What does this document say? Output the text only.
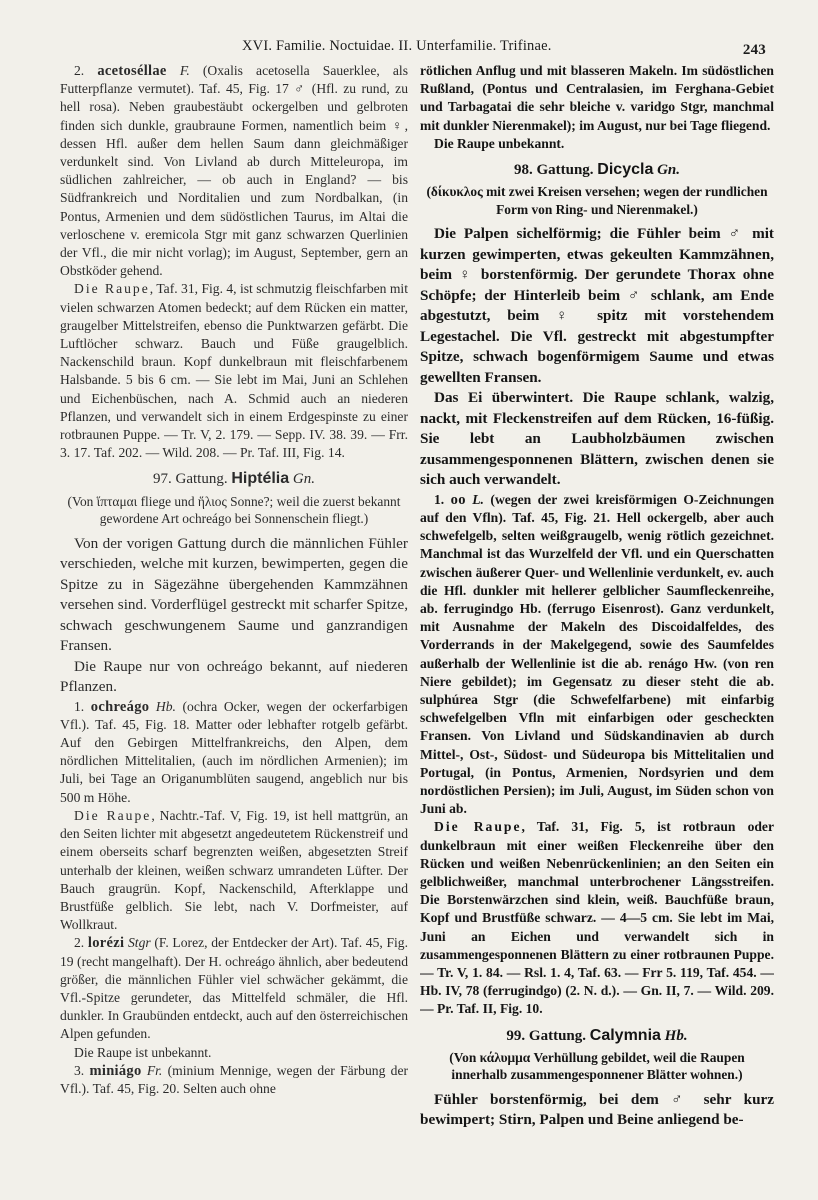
XVI. Familie. Noctuidae. II. Unterfamilie. Trifinae.	243

2. acetoséllae F. (Oxalis acetosella Sauerklee, als Futterpflanze vermutet). Taf. 45, Fig. 17 ♂ (Hfl. zu rund, zu hell rosa). Neben graubestäubt ockergelben und gelbroten finden sich dunkle, graubraune Formen, namentlich beim ♀, dessen Hfl. außer dem hellen Saum dann gleichmäßiger verdunkelt sind. Von Livland ab durch Mitteleuropa, im südlichen zahlreicher, — ob auch in England? — bis Südfrankreich und Norditalien und zum Nordbalkan, (in Pontus, Armenien und dem südöstlichen Taurus, im Altai die verloschene v. eremicola Stgr mit ganz schwarzen Querlinien der Vfl., die mir nicht vorlag); im August, September, gern an Obstköder gehend.

Die Raupe, Taf. 31, Fig. 4, ist schmutzig fleischfarben mit vielen schwarzen Atomen bedeckt; auf dem Rücken ein matter, graugelber Mittelstreifen, ebenso die Punktwarzen gefärbt. Die Luftlöcher schwarz. Bauch und Füße graugelblich. Nackenschild braun. Kopf dunkelbraun mit fleischfarbenem Halsbande. 5 bis 6 cm. — Sie lebt im Mai, Juni an Schlehen und Eichenbüschen, nach A. Schmid auch an niederen Pflanzen, und verwandelt sich in einem Erdgespinste zu einer rotbraunen Puppe. — Tr. V, 2. 179. — Sepp. IV. 38. 39. — Frr. 3. 17. Taf. 202. — Wild. 208. — Pr. Taf. III, Fig. 14.

97. Gattung. Hiptélia Gn.

(Von ἵπταμαι fliege und ἥλιος Sonne?; weil die zuerst bekannt gewordene Art ochreágo bei Sonnenschein fliegt.)

Von der vorigen Gattung durch die männlichen Fühler verschieden, welche mit kurzen, bewimperten, gegen die Spitze zu in Sägezähne übergehenden Kammzähnen versehen sind. Vorderflügel gestreckt mit scharfer Spitze, schwach geschwungenem Saume und ganzrandigen Fransen.

Die Raupe nur von ochreágo bekannt, auf niederen Pflanzen.

1. ochreágo Hb. (ochra Ocker, wegen der ockerfarbigen Vfl.). Taf. 45, Fig. 18. Matter oder lebhafter rotgelb gefärbt. Auf den Gebirgen Mittelfrankreichs, den Alpen, dem nördlichen Mittelitalien, (auch im nördlichen Armenien); im Juli, bei Tage an Origanumblüten saugend, angeblich nur bis 500 m Höhe.

Die Raupe, Nachtr.-Taf. V, Fig. 19, ist hell mattgrün, an den Seiten lichter mit abgesetzt angedeutetem Rückenstreif und einem oberseits scharf begrenzten weißen, abgesetzten Streif unterhalb der kleinen, weißen schwarz umrandeten Lüfter. Der Bauch graugrün. Kopf, Nackenschild, Afterklappe und Brustfüße gelblich. Sie lebt, nach V. Dorfmeister, auf Wollkraut.

2. lorézi Stgr (F. Lorez, der Entdecker der Art). Taf. 45, Fig. 19 (recht mangelhaft). Der H. ochreágo ähnlich, aber bedeutend größer, die männlichen Fühler viel schwächer gekämmt, die Vfl.-Spitze gerundeter, das Mittelfeld schmäler, die Hfl. dunkler. In Graubünden entdeckt, auch auf den österreichischen Alpen gefunden.

Die Raupe ist unbekannt.

3. miniágo Fr. (minium Mennige, wegen der Färbung der Vfl.). Taf. 45, Fig. 20. Selten auch ohne

rötlichen Anflug und mit blasseren Makeln. Im südöstlichen Rußland, (Pontus und Centralasien, im Ferghana-Gebiet und Tarbagatai die sehr bleiche v. varidgo Stgr, manchmal mit dunkler Nierenmakel); im August, nur bei Tage fliegend.

Die Raupe unbekannt.

98. Gattung. Dicycla Gn.

(δίκυκλος mit zwei Kreisen versehen; wegen der rundlichen Form von Ring- und Nierenmakel.)

Die Palpen sichelförmig; die Fühler beim ♂ mit kurzen gewimperten, etwas gekeulten Kammzähnen, beim ♀ borstenförmig. Der gerundete Thorax ohne Schöpfe; der Hinterleib beim ♂ schlank, am Ende abgestutzt, beim ♀ spitz mit vorstehendem Legestachel. Die Vfl. gestreckt mit abgestumpfter Spitze, schwach bogenförmigem Saume und etwas gewellten Fransen.

Das Ei überwintert. Die Raupe schlank, walzig, nackt, mit Fleckenstreifen auf dem Rücken, 16-füßig. Sie lebt an Laubholzbäumen zwischen zusammengesponnenen Blättern, zwischen denen sie sich auch verwandelt.

1. oo L. (wegen der zwei kreisförmigen O-Zeichnungen auf den Vfln). Taf. 45, Fig. 21. Hell ockergelb, aber auch schwefelgelb, selten weißgraugelb, wenig rötlich gezeichnet. Manchmal ist das Wurzelfeld der Vfl. und ein Querschatten zwischen äußerer Quer- und Wellenlinie verdunkelt, ev. auch die Hfl. dunkler mit hellerer gelblicher Saumfleckenreihe, ab. ferrugindgo Hb. (ferrugo Eisenrost). Ganz verdunkelt, mit Ausnahme der Makeln des Discoidalfeldes, des Vorderrands in der Makelgegend, sowie des Saumfeldes außerhalb der Wellenlinie ist die ab. renágo Hw. (von ren Niere gebildet); im Gegensatz zu dieser steht die ab. sulphúrea Stgr (die Schwefelfarbene) mit einfarbig schwefelgelben Vfln mit einfarbigen oder gescheckten Fransen. Von Livland und Südskandinavien ab durch Mittel-, Ost-, Südost- und Südeuropa bis Mittelitalien und Portugal, (in Pontus, Armenien, Nordsyrien und dem nordöstlichen Persien); im Juli, August, im Süden schon von Juni ab.

Die Raupe, Taf. 31, Fig. 5, ist rotbraun oder dunkelbraun mit einer weißen Fleckenreihe über den Rücken und weißen Nebenrückenlinien; an den Seiten ein gelblichweißer, manchmal unterbrochener Längsstreifen. Die Borstenwärzchen sind klein, weiß. Bauchfüße braun, Kopf und Brustfüße schwarz. — 4—5 cm. Sie lebt im Mai, Juni an Eichen und verwandelt sich in zusammengesponnenen Blättern zu einer rotbraunen Puppe. — Tr. V, 1. 84. — Rsl. 1. 4, Taf. 63. — Frr 5. 119, Taf. 454. — Hb. IV, 78 (ferrugindgo) (2. N. d.). — Gn. II, 7. — Wild. 209. — Pr. Taf. II, Fig. 10.

99. Gattung. Calymnia Hb.

(Von κάλυμμα Verhüllung gebildet, weil die Raupen innerhalb zusammengesponnener Blätter wohnen.)

Fühler borstenförmig, bei dem ♂ sehr kurz bewimpert; Stirn, Palpen und Beine anliegend be-
